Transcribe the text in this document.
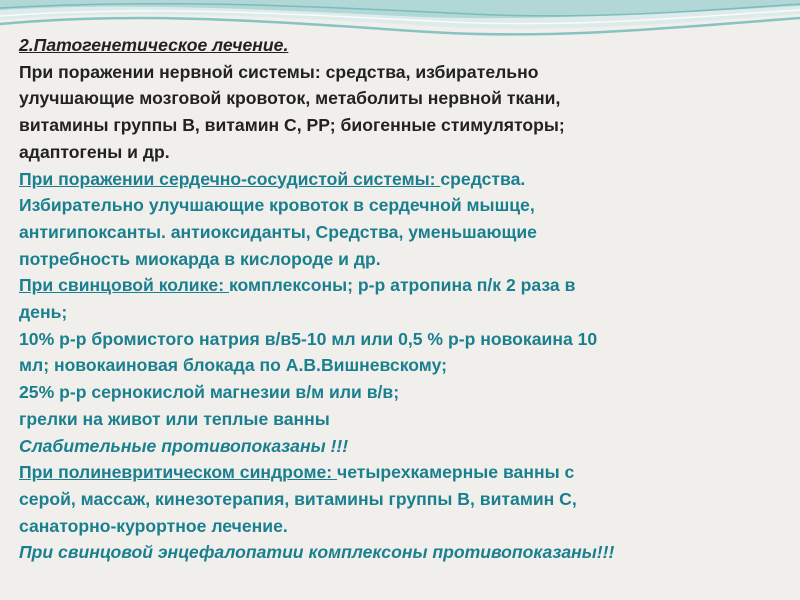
2.Патогенетическое лечение.
При поражении нервной системы: средства, избирательно
улучшающие мозговой кровоток, метаболиты нервной ткани,
витамины группы В, витамин С, РР; биогенные стимуляторы;
адаптогены и др.
При поражении сердечно-сосудистой системы: средства.
Избирательно улучшающие кровоток в сердечной мышце,
антигипоксанты. антиоксиданты, Средства, уменьшающие
потребность миокарда в кислороде и др.
При свинцовой колике: комплексоны; р-р атропина п/к 2 раза в
день;
10% р-р бромистого натрия в/в5-10 мл или 0,5 % р-р новокаина 10
мл; новокаиновая блокада по А.В.Вишневскому;
25% р-р сернокислой магнезии в/м или в/в;
грелки на живот или теплые ванны
Слабительные противопоказаны !!!
При полиневритическом синдроме: четырехкамерные ванны с
серой, массаж, кинезотерапия, витамины группы В, витамин С,
санаторно-курортное лечение.
При свинцовой энцефалопатии комплексоны противопоказаны!!!
